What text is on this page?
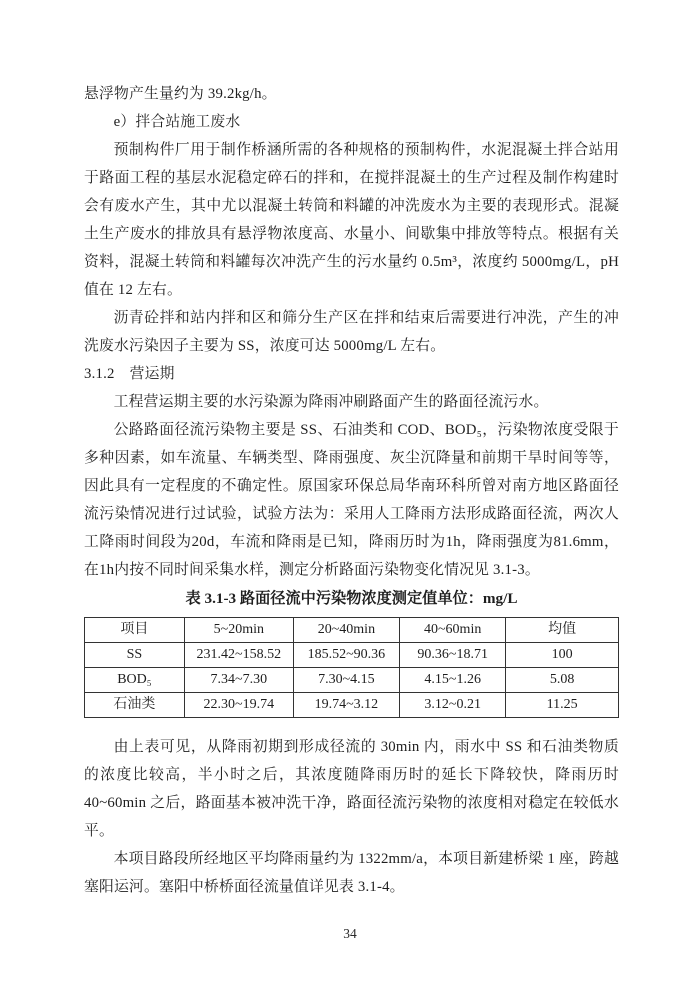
悬浮物产生量约为 39.2kg/h。

e）拌合站施工废水

预制构件厂用于制作桥涵所需的各种规格的预制构件，水泥混凝土拌合站用于路面工程的基层水泥稳定碎石的拌和，在搅拌混凝土的生产过程及制作构建时会有废水产生，其中尤以混凝土转筒和料罐的冲洗废水为主要的表现形式。混凝土生产废水的排放具有悬浮物浓度高、水量小、间歇集中排放等特点。根据有关资料，混凝土转筒和料罐每次冲洗产生的污水量约 0.5m³，浓度约 5000mg/L，pH 值在 12 左右。

沥青砼拌和站内拌和区和筛分生产区在拌和结束后需要进行冲洗，产生的冲洗废水污染因子主要为 SS，浓度可达 5000mg/L 左右。

3.1.2　营运期

工程营运期主要的水污染源为降雨冲刷路面产生的路面径流污水。

公路路面径流污染物主要是 SS、石油类和 COD、BOD₅，污染物浓度受限于多种因素，如车流量、车辆类型、降雨强度、灰尘沉降量和前期干旱时间等等，因此具有一定程度的不确定性。原国家环保总局华南环科所曾对南方地区路面径流污染情况进行过试验，试验方法为：采用人工降雨方法形成路面径流，两次人工降雨时间段为20d，车流和降雨是已知，降雨历时为1h，降雨强度为81.6mm，在1h内按不同时间采集水样，测定分析路面污染物变化情况见 3.1-3。

表 3.1-3 路面径流中污染物浓度测定值单位：mg/L
项目	5~20min	20~40min	40~60min	均值
SS	231.42~158.52	185.52~90.36	90.36~18.71	100
BOD₅	7.34~7.30	7.30~4.15	4.15~1.26	5.08
石油类	22.30~19.74	19.74~3.12	3.12~0.21	11.25

由上表可见，从降雨初期到形成径流的 30min 内，雨水中 SS 和石油类物质的浓度比较高，半小时之后，其浓度随降雨历时的延长下降较快，降雨历时 40~60min 之后，路面基本被冲洗干净，路面径流污染物的浓度相对稳定在较低水平。

本项目路段所经地区平均降雨量约为 1322mm/a，本项目新建桥梁 1 座，跨越塞阳运河。塞阳中桥桥面径流量值详见表 3.1-4。

34
